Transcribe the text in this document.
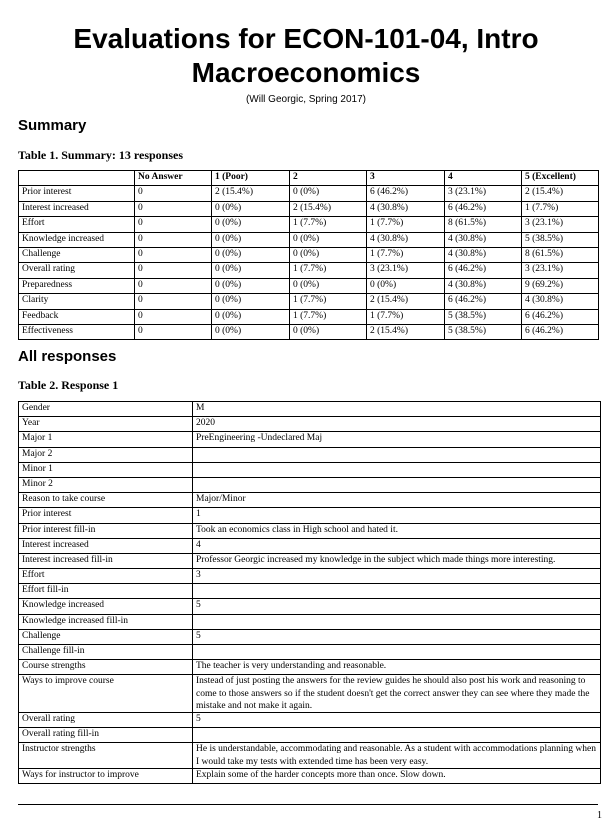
Evaluations for ECON-101-04, Intro
Macroeconomics
(Will Georgic, Spring 2017)
Summary
Table 1. Summary: 13 responses
	No Answer	1 (Poor)	2	3	4	5 (Excellent)
Prior interest	0	2 (15.4%)	0 (0%)	6 (46.2%)	3 (23.1%)	2 (15.4%)
Interest increased	0	0 (0%)	2 (15.4%)	4 (30.8%)	6 (46.2%)	1 (7.7%)
Effort	0	0 (0%)	1 (7.7%)	1 (7.7%)	8 (61.5%)	3 (23.1%)
Knowledge increased	0	0 (0%)	0 (0%)	4 (30.8%)	4 (30.8%)	5 (38.5%)
Challenge	0	0 (0%)	0 (0%)	1 (7.7%)	4 (30.8%)	8 (61.5%)
Overall rating	0	0 (0%)	1 (7.7%)	3 (23.1%)	6 (46.2%)	3 (23.1%)
Preparedness	0	0 (0%)	0 (0%)	0 (0%)	4 (30.8%)	9 (69.2%)
Clarity	0	0 (0%)	1 (7.7%)	2 (15.4%)	6 (46.2%)	4 (30.8%)
Feedback	0	0 (0%)	1 (7.7%)	1 (7.7%)	5 (38.5%)	6 (46.2%)
Effectiveness	0	0 (0%)	0 (0%)	2 (15.4%)	5 (38.5%)	6 (46.2%)
All responses
Table 2. Response 1
Gender	M
Year	2020
Major 1	PreEngineering -Undeclared Maj
Major 2	
Minor 1	
Minor 2	
Reason to take course	Major/Minor
Prior interest	1
Prior interest fill-in	Took an economics class in High school and hated it.
Interest increased	4
Interest increased fill-in	Professor Georgic increased my knowledge in the subject which made things more interesting.
Effort	3
Effort fill-in	
Knowledge increased	5
Knowledge increased fill-in	
Challenge	5
Challenge fill-in	
Course strengths	The teacher is very understanding and reasonable.
Ways to improve course	Instead of just posting the answers for the review guides he should also post his work and reasoning to come to those answers so if the student doesn't get the correct answer they can see where they made the mistake and not make it again.
Overall rating	5
Overall rating fill-in	
Instructor strengths	He is understandable, accommodating and reasonable. As a student with accommodations planning when I would take my tests with extended time has been very easy.
Ways for instructor to improve	Explain some of the harder concepts more than once. Slow down.
1
